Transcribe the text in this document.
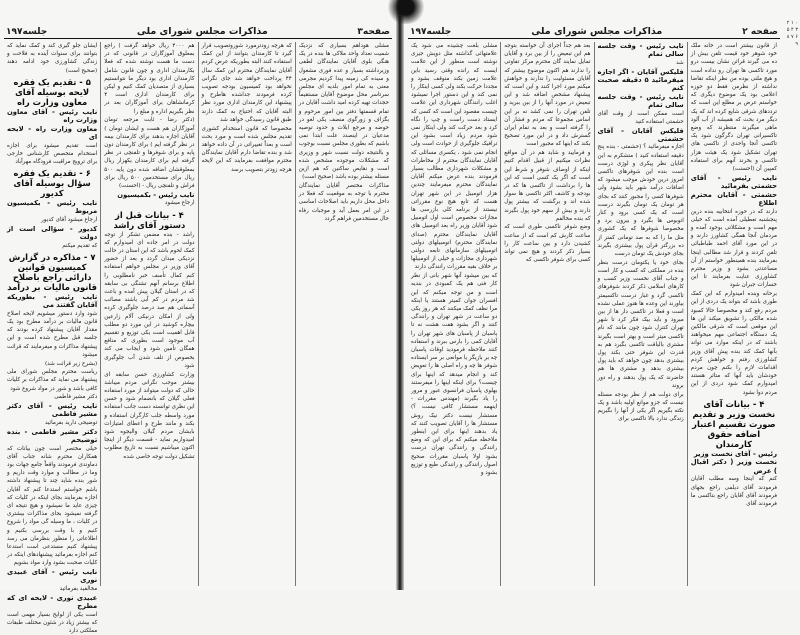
جلسه۱۹۷	مذاکرات مجلس شورای ملی	صفحه۳

مشلی هوداهم بسیاری که نزدیک شمیت نعداد واحد ملاکی ها بنده در یک هنگی بلوی آقایان نمایندگان لطفی وزیرداشته بسیار و عده فوری مشغول و سیده کی زمینه پیدا کردیم مجرمی معنی به تمام امور بلدیه ای مجلس سرتاسر محل موضوع آقایان مستقیماً حجدات تهیه کرده امید داشت آقایان در تمام قسمتها دفتر بین امور مرحوم و بگزاف و زورگوی منصف یکی لغو در حوضه و مرجع ایلات و حدود توصیه مدعیان در اینصدد علت ابتدا نمی باشیم که بطوری مجلس نسبت بوجوب و بالنتیجه دولت نسبت شهر و وزیری که مشکلات موجوده مشخص شده است و نقایص ساکنین که هم ازین مسئله بیشتر بوده باشد (صحیح است)

مذاکرات مختصر آقایان نمایندگان محترم با توجه به موقعیت که فعلا در داخل محل داریم باید اصلاحات اساسی در این امر بعمل آید و موجبات رفاه حال مستخدمین فراهم گردد

که هرچه زودترمورد شوروتصویب قرار گیرد تا کارمندان بتوانند از این کمک استفاده کنند البته بطوریکه عرض کردم آقایان نمایندگان محترم این کمک سال ۴۴ پرداخت خواهد شد جای نگرانی نخواهد بود کمیسیون بودجه تصویب کرده فرمودند جداشده هاطرح و پیشنهاد این کارمندان اداری مورد نظر البته آقایان که احتیاج به کمک دارند طبق قانون رسیدگی خواهد شد

مخصوصا که قانون استخدام کشوری تقدیم مجلس شده است و مورد بحث است و بعداً تغییراتی در آن داده خواهد شد و بنده تقاضا دارم آقایان نمایندگان محترم موافقت بفرمایند که این لایحه هرچه زودتر بتصویب برسد

هم ۴۰۰۰ ریال خواهد گرفت ) راجع بمعلوق آموزگاران در قانونی که در دست ما هست نوشته شده که فعلا بکارمندان اداری و چون قانون شامل کارمندان اداری بود دیگر ما نتوانستیم بسیاری از متصدیان کمک کنیم و لیکن برای کارمندان اداری است ۴ کرمانشاهان برای آموزگاران بعد در نظر بگیریم اداره و مبلغ را

(دکتر رضا - ثابت مرجعه تومان آموزگاران هم هست و ایشان تومان ) آقایان اجازه بدهند برای کارمندان بیمه در نظر گرفته ایم ) برای کارمندان دون پایه و برای شوفرها و تلفنچی در نظر گرفته ایم برای کارمندان یکهزار ریال بمعلوقشان اضافه شده دون پایه ۵۰۰ ریال برای مستخدمین ۵۰۰ ریال برای فراش و تلفنچی ریال - (احسنت)

نایب رئیس - بکمیسیون

ارجاع میشود

۴ - بیانات قبل از دستور آقای راشد

راشد - بنده مضمن تشکر از توجه دولت در امر جاده ای امیدوارم که کمک لحوم باشد که این استان در حالت نزدیکی میدان گردد و بعد از حضور آقای وزیر در مجلس خواهم استفاده کنم کمال تأسف خبر نامطلوبی را اطلاع برسانم آنهم تشنگی بی سابقه که در استان گیلان پیش آمده و باعث شد مردم در کم آبی باشند مصائب آسمانی هم صد درصد جلوگیری کرده ولی از امکان درنیکی آلام زارعین بیچاره کوشید در این مورد دو مطلب قابل اهمیت است یکی توزیع و تقسیم آب موجود است بطوری که منافع همگان تأمین شود و ایجاب می کند بخصوص از تلف شدن آب جلوگیری شود

وزارت کشاورزی حسن سابقه ای بیشتر موجب نگرانی مردم میباشد حالی که دولت میتواند از مورد استفاده فعلی گیلان که بانضمام شود و حسن این نظری توانسته دست جانب استفاده مورد واسطه جلب کارگران استفاده و بکند و مانند طرح و اعطای امتیازات بایشان مردم گیلان والیجوه شود امیدواریم نماید - قسمت دیگر از اینجا اکنون میباشیم نسبت به تاریخ مطلوب تشکیل دولت توجه خاصی شده

ایشان جلو گیری کند و کمک نماید که بتوانند برای سنوات آینده به فلاحت و زندگی کشاورزی خود ادامه دهند (صحیح است)

۵ - تقدیم یک فقره لایحه بوسیله آقای معاون وزارت راه

نایب رئیس - آقای معاون وزارت راه

معاون وزارت راه - لایحه ای

است تقدیم میشود برای اجازه استخدام متخصص کارشناس خارجی برای ترویج مراقبت فرودگاه مهرآباد

۶ - تقدیم یک فقره سؤال بوسیله آقای کدیور

نایب رئیس - بکمیسیون مربوط

ارجاع میشود آقای کدیور

کدیور - سؤالی است از دولت

که تقدیم میکنم

۷ - مذاکره در گزارش کمیسیون قوانین دارائی راجع باصلاح قانون مالیات بر درآمد

نایب رئیس - بطوریکه آقایان گفتند می

شود وارد دستور میشویم لایحه اصلاح قانون مالیات بر درآمد مطرح بود یک مقدار آقایان پیشنهاد کرده بودند که جلسه قبل مطرح شده است و این پیشنهاد مذاکرات و میفرمایند که قرائت میشود

(بشرح زیر قرائت شد)

ریاست محترم مجلس شورای ملی پیشنهاد می نماید که مذاکرات بر کلیات کافی باشد و شور در مواد شروع شود

دکتر مشیر فاطمی

نایب رئیس - آقای دکتر مشیر فاطمی

توضیحی دارید بفرمائید

دکتر مشیر فاطمی - بنده توضیحم

خیلی مختصر است چون بیانات که همکاران محترم شانه جناب آقای دماوندی فرمودند واقعاً جامع جهات بود وما در مطالب و موارد وقت داریم و شور بنده شاید چند تا پیشنهاد داشته باشم خواستم استدعا کنم که آقایان اجازه بفرمایند بجای اینکه در کلیات که چیزی عاید ما نمیشود و هیچ نتیجه ای گرفته نمیشود بجای مذاکرات بیشتری در کلیات ، ما وسیله گی مواد را شروع کنیم و با وقت بررسی بکنیم و اطلاعاتی را منظور بنظرمان می رسد پیشنهاد کنیم مستدعی است استدعا کنم اجازه بفرمائید پیشنهادهای اینکه در کلیات صحبت بشود وارد مواد بشویم

نایب رئیس - آقای عبیدی نوری

مخالفید بفرمائید

عبیدی نوری - لایحه ای که مطرح

است یکی از لوایح بسیار مهمی است که بیشتر زیاد در شئون مختلف طبقات مملکتی دارد

جلسه۱۹۷	مذاکرات مجلس شورای ملی	صفحه ۲

از قانون بیشتر است در خانه ملک خود شوهر خود قیمت تلفن بیش از ده می گیرند قرائن نشان بیست درو مورد تاکسی ها تهران رو نداده است و هیچ ملتی بوده من نظر اینکه تقاضا نداشته از نظرمن فقط دو حوزه اعلامی بود یک موضوع دیگری که خواستم عرض بر مطلع این است که ترددهای شرقی شایع کرده اند که یک دیگر مرد بحث که همیشه از آب آلود ماهی میگیرند منتظرند که وضع تاکسیرانی تهران دگرگون شود یک تاکسی آنجا واحدی از تاکسی های تهران تشکیل شود یک هیئت هزار تاکسی و بخرند آنهم برای استفاده کمپین آن (احسنت)

نایب رئیس - آقای حشمتی بفرمائید

حشمتی - آقایان محترم اطلاع

دارند که در حوزه انتخابیه بنده درین پنجشنبه تعطیلی آمده است که خیلی مهم است و مشکلاتی بوجود آمده و مردمان آنجا همگی کشاورز دارند و در این مورد آقای احمد طباطبائی تلفن کردند و قرار شد مطالبی اینجا بفرمایند بنده همینطور خواستم از آن مساعدتی بشود و وزیر محترم کشاورزی عنایت بفرمایند تا این خسارات جبران شود

برحانه وبنده امیدوارم که این کمک طوری باشد که بتواند یک دردی از این مردم رفع کند و مخصوصا حالا کمبود شده مالکی را تشویق میکند این ها این موقعی است که شرقی مالکین یک دستگاه اجتماعی مهم میخواهند باشند که در اینکه موارد می تواند بآنها کمک کند بنده پیش آقای وزیر کشاورزی رفتم و خواهش کردم اقدامات لازم را بکنم چون مردم خودشان باید آنها که متاثر هستند امیدوارم کمک شود دردی از این مردم دوا بشود

۴ - بیانات آقای نخست وزیر و تقدیم صورت تقسیم اعتبار اضافه حقوق کارمندان

رئیس - آقای نخست وزیر

نخست وزیر ( دکتر اقبال ) عرض

کنم که اینجا وسه مطلب آقایان فرمودند آقای دیلمی راجع بجهای فرمودند آقای آقایان راجع بتاکسی ما فرمودند آقای

نایب رئیس - وقت جلسه سالی تمام

شد

فلیکس آقایان - اگر اجازه میفرمائید ۵ دقیقه صحبت کنم

نایب رئیس - وقت جلسه سالی تمام

است ممکن است از وقت آقای حشمتی استفاده کنید

فلیکس آقایان - آقای حشمتی

اجازه میفرمائید ؟ (حشمتی - بنده پنج دقیقه استفاده کنید ) متشکرم به این آقایان نظر پیکری و لوژی درست است بنده این شوفرهای تاکسی امروز درین خودش موجب میشود که اضافات درآمد شهر باید بشود ولی شوفرها کسی را مجبور کنند که بجای هر تومان یک تومان بگیرند درست است که یک کسی برود و کنار اتوبوس ها بگیرد و بیرون برد و مخصوصا شوفرها که یک کشوری مثل ما را که به صد تومانی کمتر از ده بزرگتر قران پول بیشتری بگیرند بجای خودش یک تومان درست

بجای خود یا یکتومان درست بنظر بنده در مملکتی که کسب و کار است و جناب آقای نخست وزیر کسب و کارهای اسلامی ذکر کردند شوفرهای تاکسی گرد و غبار درست تاکسیمتر بیاورند این وعده ها هنوز عملی نشده است و فعلا در تاکسی دار ها از بین میرود و باید بیک فکر کرد تا شهر تهران کنترل شود چون مانند که نام تاکسی میتر است و بهتر است بگیرند مشتری بالیاقت تاکسی بگیرد هم به قدرت این شوفر حتی بکند پول بیشتری بدهد چون خواهد که باید پول بیشتری بدهد و مشتری ها هم حاضرند که یک پول بدهند و راه دور بروند

برای دولت هم از نظر بودجه مسئله نیست که جزو موانع اولیه باشد و یک نکته بگیریم اگر یکی از آنها را بگیریم زندگی ندارد بالا تاکسی برای

بعد هم جداً اجرای آن خواسته بتوجه هم این تبعیض را از بین برد و آقایان تمایل نمایند گان محترم مرکز تفاوتی را ندارند هم اکنون موضوع بیشتر که آقایان مسئولیت را ندارند و خواهش میکنم مورد اجرا کنند و این است که پیشنهاد مشخص اضافه شد و این تبعیض در مورد آنها را از بین ببرید و تلفن تهران را نمی کشد نه بر این اساس مجموعا که مردم و فشار آن را گرفته است و بعد به تمام ایران گسترش داد و در این مورد تصحیح بکند که اینها که مجبور است

و فرمایید و شاید هم در آن مواقع نظرات میکنیم از قبیل اقدام کنیم اینکه از اوصاف شوفر و شرط این است که اگر یک کسی است که این ها را برداشت از تاکسی ها که در بودجه و کاشف اکثر تاکسی ها سوار شده اند و برگشت که بیشتر پول دارند و بیش از سهم خود پول بگیرند که بنده مخالفم

وضع شوفر تاکسی طوری است که ساعت کارش کم است که از ساعت کشیدن دارد و بین ساعت کار را بسیار ذکر کردند و هیچ نمی تواند کسی برای شوفر تاکسی که

مشلی بلغت چشیده می شود یک علامتهائی گذاشته مثل دویش جیزی نوشته است منظور از این علامت ایست که رانده وقتی رسید باین علامت زمین بکند متوقف بشود و مجددا حرکت بکند ولی کسی اینکار را نمی کند و این دستور اجرا نمیشود اغلب رانندگان شهرداری این علامت چیست مقصود این است که کسی که ایستاد دست راست و چپ را نگاه کرد و بعد حرکت کند ولی اینکار نمی شود مردم زیاد است بشود این ترافیک جلوگیری از حوادث است ولی انجام نمی شود ، یکسری مسائلی که آقایان نمایندگان محترم از مخاطرات و مشکلات شهرداری مطالب بسیار فرمودند بنده عرض میکنم آقایان نمایندگان محترم میفرمایند چندین هزار اتومبیل در این شهر تهران هست که تابع هیچ نوع مقرراتی نیستند از برنامه کلی بازرسی ها مجازات مخصوص است اول اتومبیل شود آقایان وزیر راه بعد اتومبیل های آقایان نمایندگان محترم (صدای نمایندگان محترم) اتومبیلهای دولتی اتومبیلهای سازمانهای تابعه دولتی شهرداری مجازات و خیلی از اتومبیلها بر خلاف بقیه مقررات رانندگی دارند

که بین میشود آنها شهر بانی از نظر کار فنی هم یک کمبودی در بندیه است و من توجه میکنم که این افسران جوان کمیتر هستند یا اینکه مرا نظف کمک میکنند که هر روز یکی دو ساعت در شهر تهران و رانندگی کنند و اگر بشود هفت هشت نه تا پاسبان از پاسبان های شهر تهران را آقایان کمی را بارس ببرند و استفاده کنند ملاحظه فرمودید اوقات پاسبان چه بر بازیگر یا موانعی بر سر ایستاده شوفر ها چه و راه اصلی ها را تعویض کند و انجام میدهد که اینها برای چیست؟ برای اینکه اینها را میفرستند بهلوی پاسبان فرانسوی عبور و مرور را یاد بگیرند (مهندس مقررات - اینهمه مستشار کافی نیست ؟) مستشار نیست دکتر نیک روش مستشار ها را آقایان تصویب کنند که یاد بدهند اینها برای این اینطور ملاحظه میکنم که برای این که وضع رانندگی و رانندگی تهران درست بشود اولا پاسبان مقررات صحیح اصول رانندگی و رانندگی طبع و توزیع بشود و

۰ ۱ ۲ ۳ ۴ ۵ ۶ ۷ ۸ ۹
